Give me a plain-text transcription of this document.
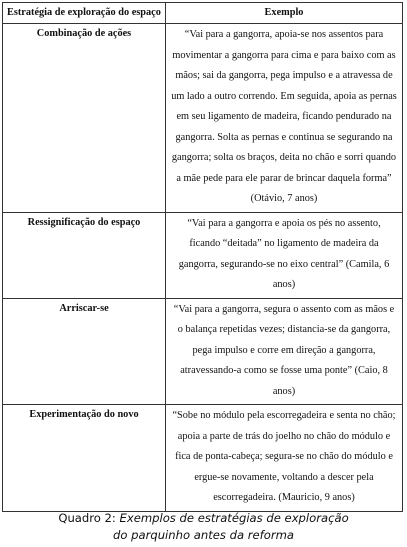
Estratégia de exploração do espaço	Exemplo
Combinação de ações	“Vai para a gangorra, apoia-se nos assentos para movimentar a gangorra para cima e para baixo com as mãos; sai da gangorra, pega impulso e a atravessa de um lado a outro correndo. Em seguida, apoia as pernas em seu ligamento de madeira, ficando pendurado na gangorra. Solta as pernas e continua se segurando na gangorra; solta os braços, deita no chão e sorri quando a mãe pede para ele parar de brincar daquela forma” (Otávio, 7 anos)
Ressignificação do espaço	“Vai para a gangorra e apoia os pés no assento, ficando “deitada” no ligamento de madeira da gangorra, segurando-se no eixo central” (Camila, 6 anos)
Arriscar-se	“Vai para a gangorra, segura o assento com as mãos e o balança repetidas vezes; distancia-se da gangorra, pega impulso e corre em direção a gangorra, atravessando-a como se fosse uma ponte” (Caio, 8 anos)
Experimentação do novo	“Sobe no módulo pela escorregadeira e senta no chão; apoia a parte de trás do joelho no chão do módulo e fica de ponta-cabeça; segura-se no chão do módulo e ergue-se novamente, voltando a descer pela escorregadeira. (Mauricio, 9 anos)
Quadro 2: Exemplos de estratégias de exploração
do parquinho antes da reforma
